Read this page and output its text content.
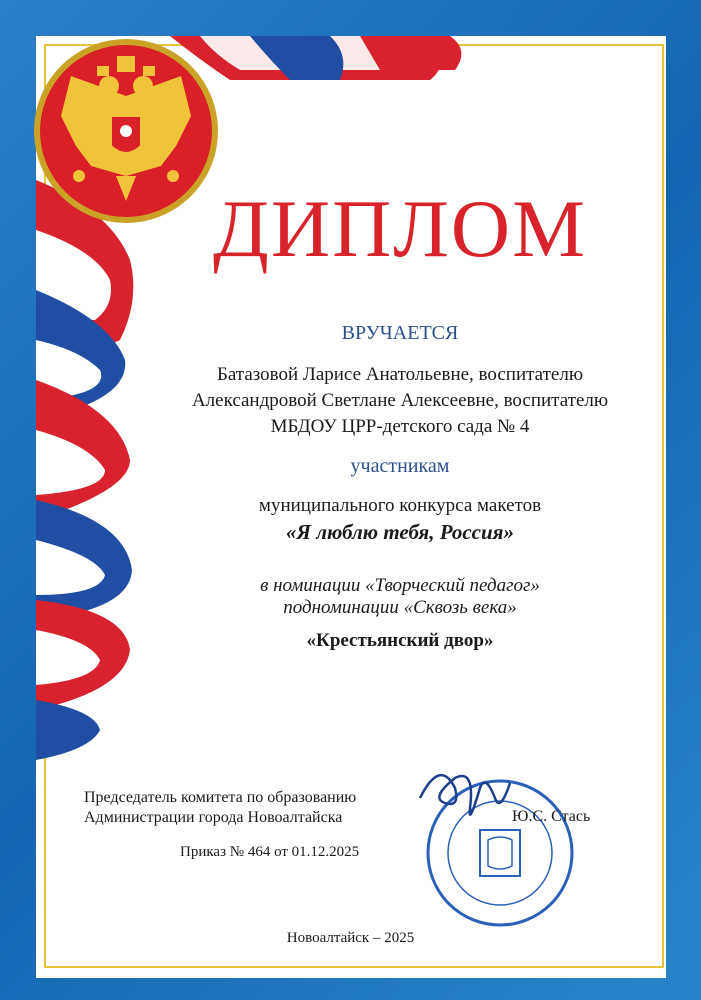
ДИПЛОМ
ВРУЧАЕТСЯ
Батазовой Ларисе Анатольевне, воспитателю
Александровой Светлане Алексеевне, воспитателю
МБДОУ ЦРР-детского сада № 4
участникам
муниципального конкурса макетов
«Я люблю тебя, Россия»
в номинации «Творческий педагог»
подноминации «Сквозь века»
«Крестьянский двор»
Председатель комитета по образованию
Администрации города Новоалтайска
Приказ № 464 от 01.12.2025
Ю.С. Стась
Новоалтайск – 2025
